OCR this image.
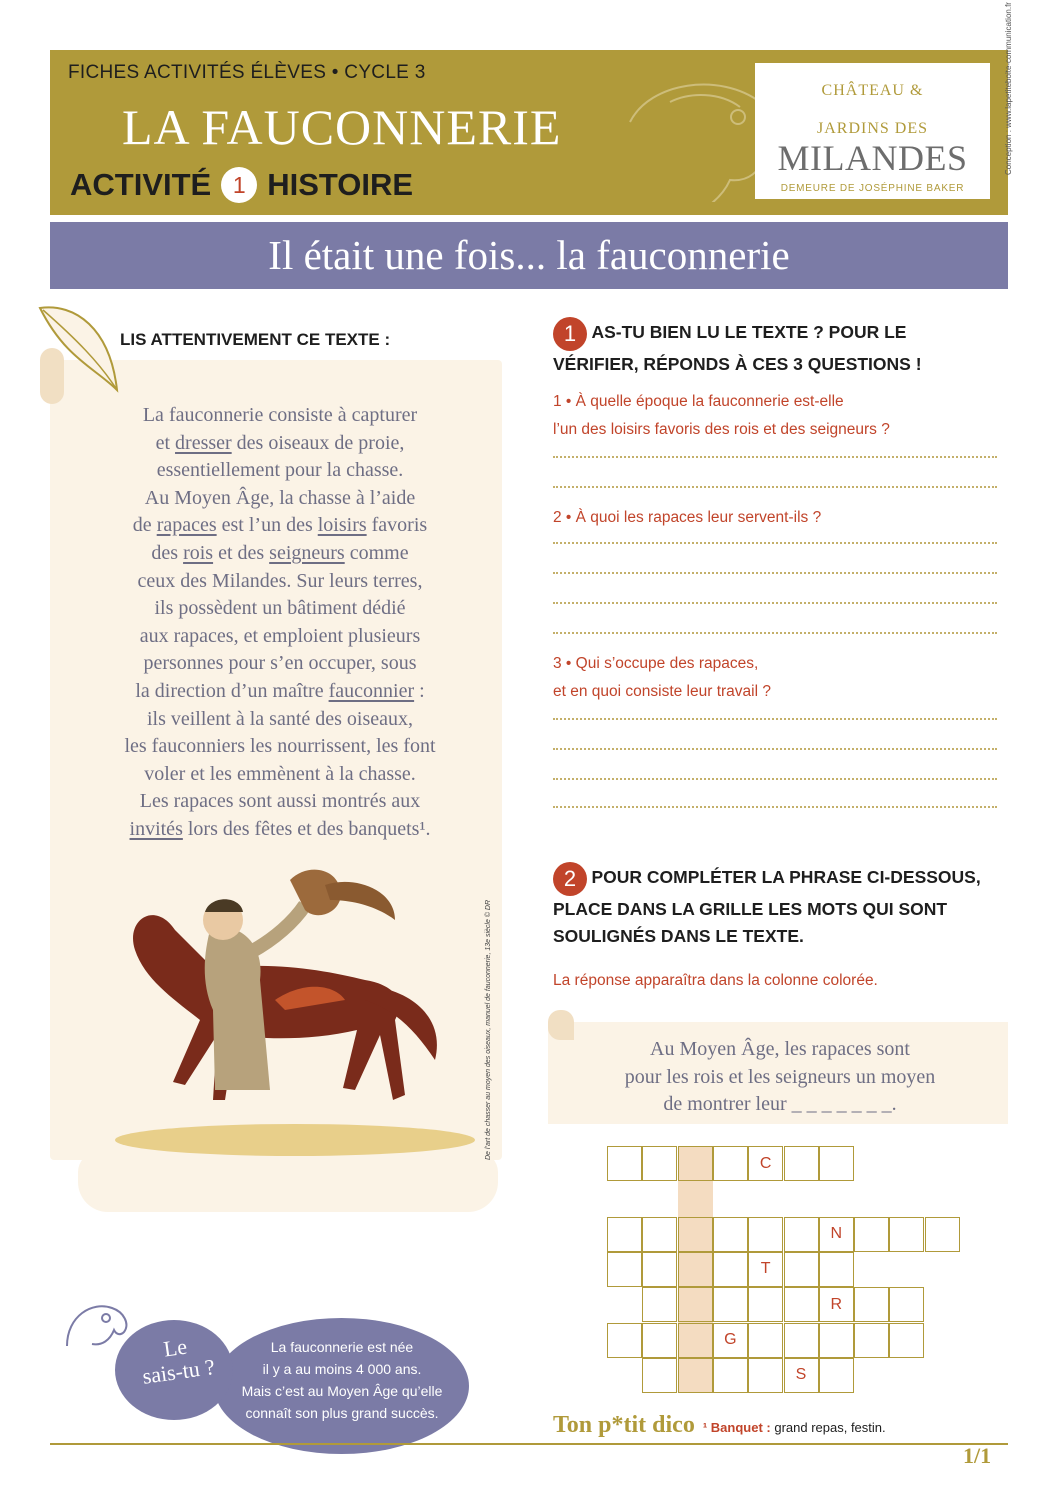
FICHES ACTIVITÉS ÉLÈVES • CYCLE 3
LA FAUCONNERIE
ACTIVITÉ 1 HISTOIRE
CHÂTEAU &
JARDINS DES
MILANDES
DEMEURE DE JOSÉPHINE BAKER
Conception : www.lapetiteboite-communication.fr
Il était une fois... la fauconnerie
LIS ATTENTIVEMENT CE TEXTE :
La fauconnerie consiste à capturer
et dresser des oiseaux de proie,
essentiellement pour la chasse.
Au Moyen Âge, la chasse à l’aide
de rapaces est l’un des loisirs favoris
des rois et des seigneurs comme
ceux des Milandes. Sur leurs terres,
ils possèdent un bâtiment dédié
aux rapaces, et emploient plusieurs
personnes pour s’en occuper, sous
la direction d’un maître fauconnier :
ils veillent à la santé des oiseaux,
les fauconniers les nourrissent, les font
voler et les emmènent à la chasse.
Les rapaces sont aussi montrés aux
invités lors des fêtes et des banquets¹.
De l’art de chasser au moyen des oiseaux, manuel de fauconnerie, 13e siècle © DR
1 AS-TU BIEN LU LE TEXTE ? POUR LE VÉRIFIER, RÉPONDS À CES 3 QUESTIONS !
1 • À quelle époque la fauconnerie est-elle
l’un des loisirs favoris des rois et des seigneurs ?
2 • À quoi les rapaces leur servent-ils ?
3 • Qui s’occupe des rapaces,
et en quoi consiste leur travail ?
2 POUR COMPLÉTER LA PHRASE CI-DESSOUS, PLACE DANS LA GRILLE LES MOTS QUI SONT SOULIGNÉS DANS LE TEXTE.
La réponse apparaîtra dans la colonne colorée.
Au Moyen Âge, les rapaces sont
pour les rois et les seigneurs un moyen
de montrer leur _ _ _ _ _ _ _.
C
N
T
R
G
S
Le
sais-tu ?
La fauconnerie est née
il y a au moins 4 000 ans.
Mais c’est au Moyen Âge qu’elle
connaît son plus grand succès.	Ton p*tit dico ¹ Banquet : grand repas, festin.
1/1
